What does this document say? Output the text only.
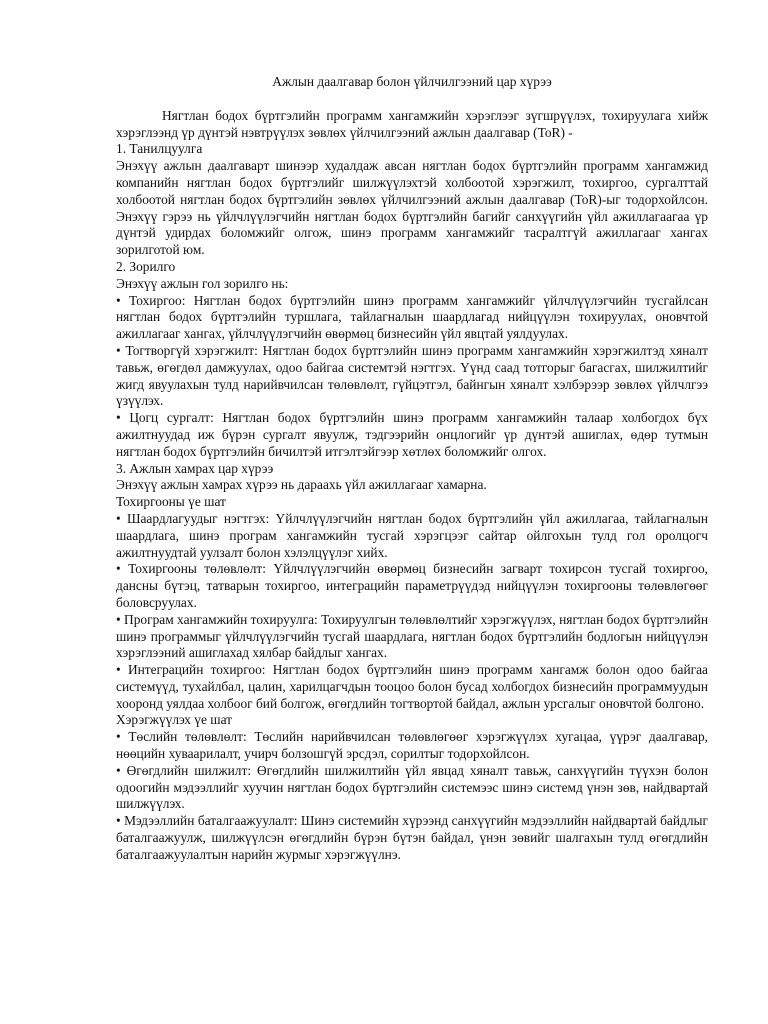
Ажлын даалгавар болон үйлчилгээний цар хүрээ

Нягтлан бодох бүртгэлийн программ хангамжийн хэрэглээг зүгшрүүлэх, тохируулага хийж хэрэглээнд үр дүнтэй нэвтрүүлэх зөвлөх үйлчилгээний ажлын даалгавар (ToR) -

1. Танилцуулга

Энэхүү ажлын даалгаварт шинээр худалдаж авсан нягтлан бодох бүртгэлийн программ хангамжид компанийн нягтлан бодох бүртгэлийг шилжүүлэхтэй холбоотой хэрэгжилт, тохиргоо, сургалттай холбоотой нягтлан бодох бүртгэлийн зөвлөх үйлчилгээний ажлын даалгавар (ToR)-ыг тодорхойлсон. Энэхүү гэрээ нь үйлчлүүлэгчийн нягтлан бодох бүртгэлийн багийг санхүүгийн үйл ажиллагаагаа үр дүнтэй удирдах боломжийг олгож, шинэ программ хангамжийг тасралтгүй ажиллагааг хангах зорилготой юм.

2. Зорилго

Энэхүү ажлын гол зорилго нь:

• Тохиргоо: Нягтлан бодох бүртгэлийн шинэ программ хангамжийг үйлчлүүлэгчийн тусгайлсан нягтлан бодох бүртгэлийн туршлага, тайлагналын шаардлагад нийцүүлэн тохируулах, оновчтой ажиллагааг хангах, үйлчлүүлэгчийн өвөрмөц бизнесийн үйл явцтай уялдуулах.

• Тогтворгүй хэрэгжилт: Нягтлан бодох бүртгэлийн шинэ программ хангамжийн хэрэгжилтэд хяналт тавьж, өгөгдөл дамжуулах, одоо байгаа системтэй нэгтгэх. Үүнд саад тотгорыг багасгах, шилжилтийг жигд явуулахын тулд нарийвчилсан төлөвлөлт, гүйцэтгэл, байнгын хяналт хэлбэрээр зөвлөх үйлчлгээ үзүүлэх.

• Цогц сургалт: Нягтлан бодох бүртгэлийн шинэ программ хангамжийн талаар холбогдох бүх ажилтнуудад иж бүрэн сургалт явуулж, тэдгээрийн онцлогийг үр дүнтэй ашиглах, өдөр тутмын нягтлан бодох бүртгэлийн бичилтэй итгэлтэйгээр хөтлөх боломжийг олгох.

3. Ажлын хамрах цар хүрээ

Энэхүү ажлын хамрах хүрээ нь дараахь үйл ажиллагааг хамарна.

Тохиргооны үе шат

• Шаардлагуудыг нэгтгэх: Үйлчлүүлэгчийн нягтлан бодох бүртгэлийн үйл ажиллагаа, тайлагналын шаардлага, шинэ програм хангамжийн тусгай хэрэгцээг сайтар ойлгохын тулд гол оролцогч ажилтнуудтай уулзалт болон хэлэлцүүлэг хийх.

• Тохиргооны төлөвлөлт: Үйлчлүүлэгчийн өвөрмөц бизнесийн загварт тохирсон тусгай тохиргоо, дансны бүтэц, татварын тохиргоо, интеграцийн параметрүүдэд нийцүүлэн тохиргооны төлөвлөгөөг боловсруулах.

• Програм хангамжийн тохируулга: Тохируулгын төлөвлөлтийг хэрэгжүүлэх, нягтлан бодох бүртгэлийн шинэ программыг үйлчлүүлэгчийн тусгай шаардлага, нягтлан бодох бүртгэлийн бодлогын нийцүүлэн хэрэглээний ашиглахад хялбар байдлыг хангах.

• Интеграцийн тохиргоо: Нягтлан бодох бүртгэлийн шинэ программ хангамж болон одоо байгаа системүүд, тухайлбал, цалин, харилцагчдын тооцоо болон бусад холбогдох бизнесийн программуудын хооронд уялдаа холбоог бий болгож, өгөгдлийн тогтвортой байдал, ажлын урсгалыг оновчтой болгоно.

Хэрэгжүүлэх үе шат

• Төслийн төлөвлөлт: Төслийн нарийвчилсан төлөвлөгөөг хэрэгжүүлэх хугацаа, үүрэг даалгавар, нөөцийн хуваарилалт, учирч болзошгүй эрсдэл, сорилтыг тодорхойлсон.

• Өгөгдлийн шилжилт: Өгөгдлийн шилжилтийн үйл явцад хяналт тавьж, санхүүгийн түүхэн болон одоогийн мэдээллийг хуучин нягтлан бодох бүртгэлийн системээс шинэ системд үнэн зөв, найдвартай шилжүүлэх.

• Мэдээллийн баталгаажуулалт: Шинэ системийн хүрээнд санхүүгийн мэдээллийн найдвартай байдлыг баталгаажуулж, шилжүүлсэн өгөгдлийн бүрэн бүтэн байдал, үнэн зөвийг шалгахын тулд өгөгдлийн баталгаажуулалтын нарийн журмыг хэрэгжүүлнэ.
